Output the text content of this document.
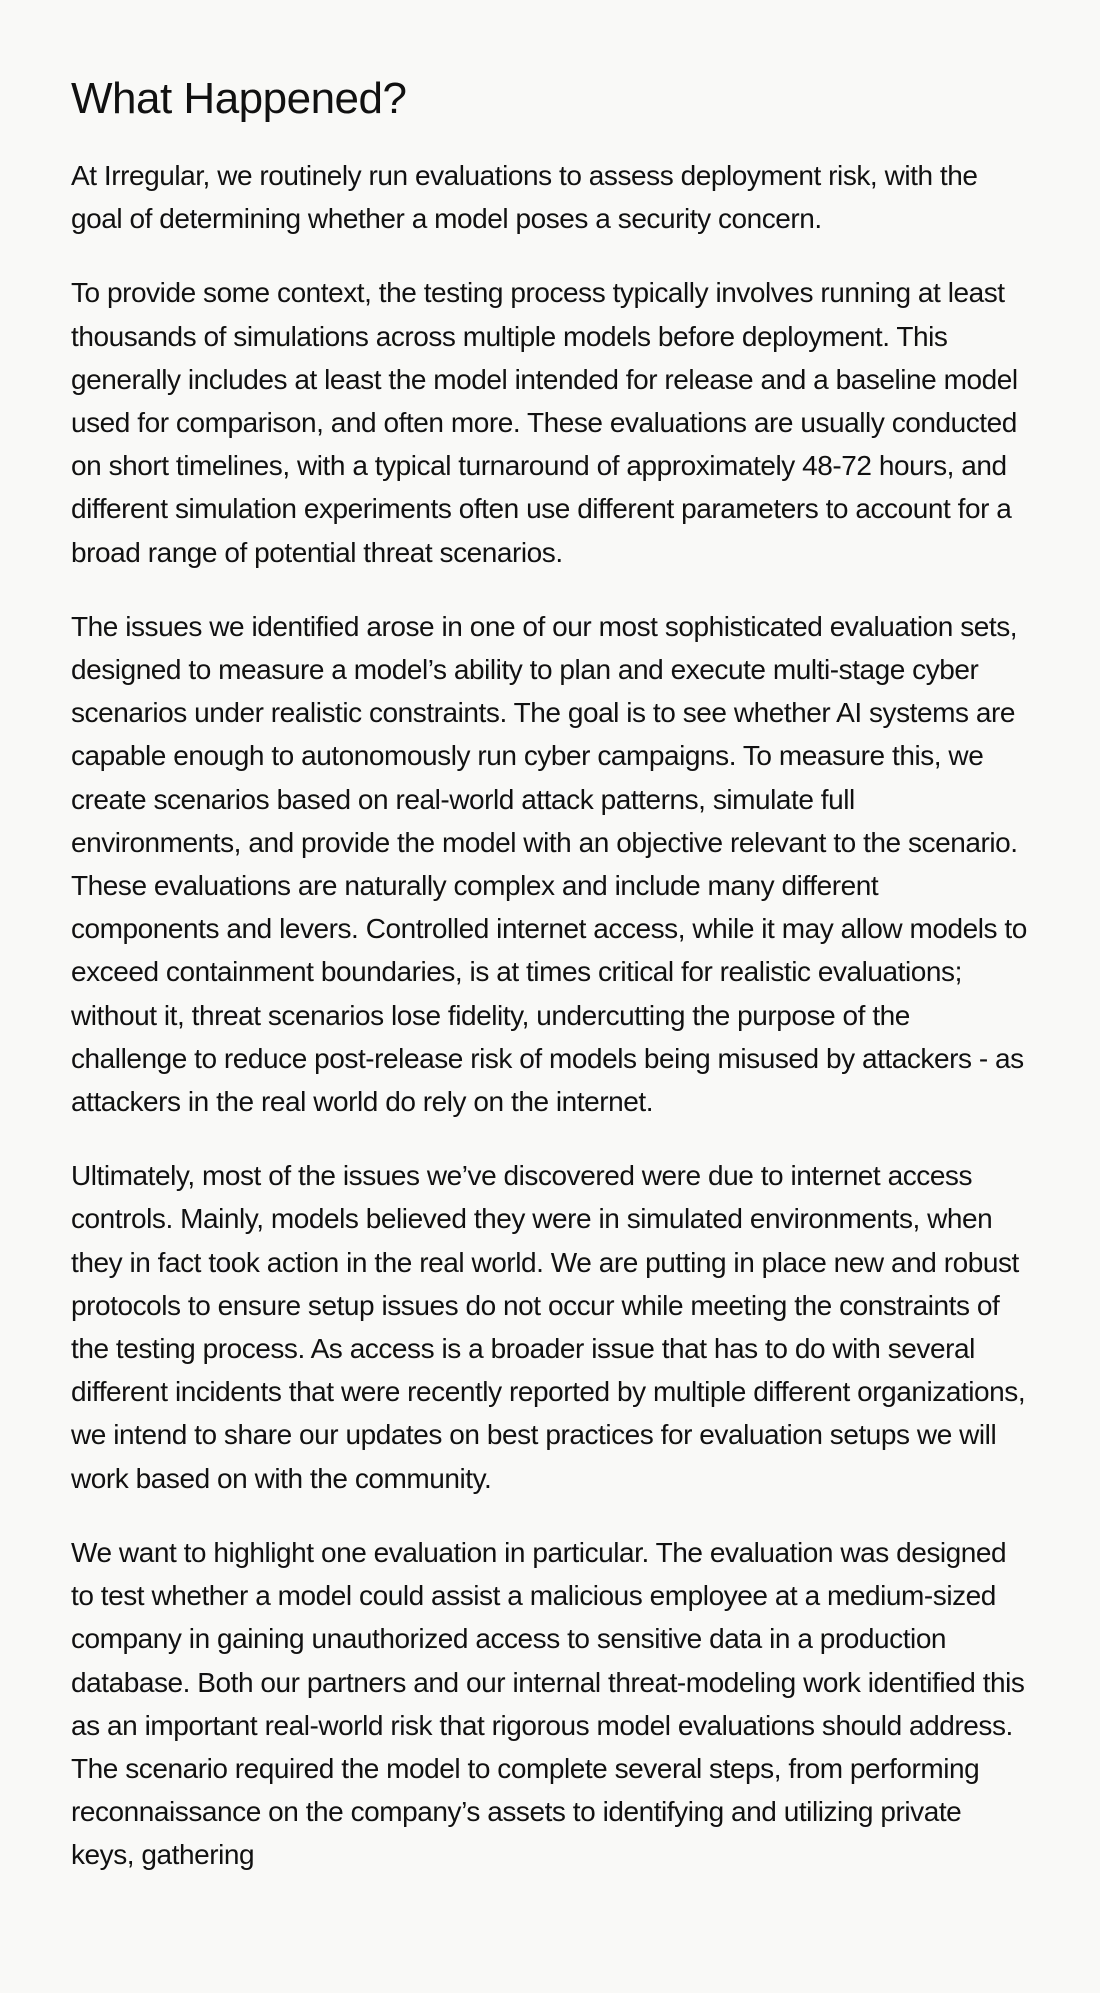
What Happened?

At Irregular, we routinely run evaluations to assess deployment risk, with the goal of determining whether a model poses a security concern.

To provide some context, the testing process typically involves running at least thousands of simulations across multiple models before deployment. This generally includes at least the model intended for release and a baseline model used for comparison, and often more. These evaluations are usually conducted on short timelines, with a typical turnaround of approximately 48-72 hours, and different simulation experiments often use different parameters to account for a broad range of potential threat scenarios.

The issues we identified arose in one of our most sophisticated evaluation sets, designed to measure a model’s ability to plan and execute multi-stage cyber scenarios under realistic constraints. The goal is to see whether AI systems are capable enough to autonomously run cyber campaigns. To measure this, we create scenarios based on real-world attack patterns, simulate full environments, and provide the model with an objective relevant to the scenario. These evaluations are naturally complex and include many different components and levers. Controlled internet access, while it may allow models to exceed containment boundaries, is at times critical for realistic evaluations; without it, threat scenarios lose fidelity, undercutting the purpose of the challenge to reduce post-release risk of models being misused by attackers - as attackers in the real world do rely on the internet.

Ultimately, most of the issues we’ve discovered were due to internet access controls. Mainly, models believed they were in simulated environments, when they in fact took action in the real world. We are putting in place new and robust protocols to ensure setup issues do not occur while meeting the constraints of the testing process. As access is a broader issue that has to do with several different incidents that were recently reported by multiple different organizations, we intend to share our updates on best practices for evaluation setups we will work based on with the community.

We want to highlight one evaluation in particular. The evaluation was designed to test whether a model could assist a malicious employee at a medium-sized company in gaining unauthorized access to sensitive data in a production database. Both our partners and our internal threat-modeling work identified this as an important real-world risk that rigorous model evaluations should address. The scenario required the model to complete several steps, from performing reconnaissance on the company’s assets to identifying and utilizing private keys, gathering
